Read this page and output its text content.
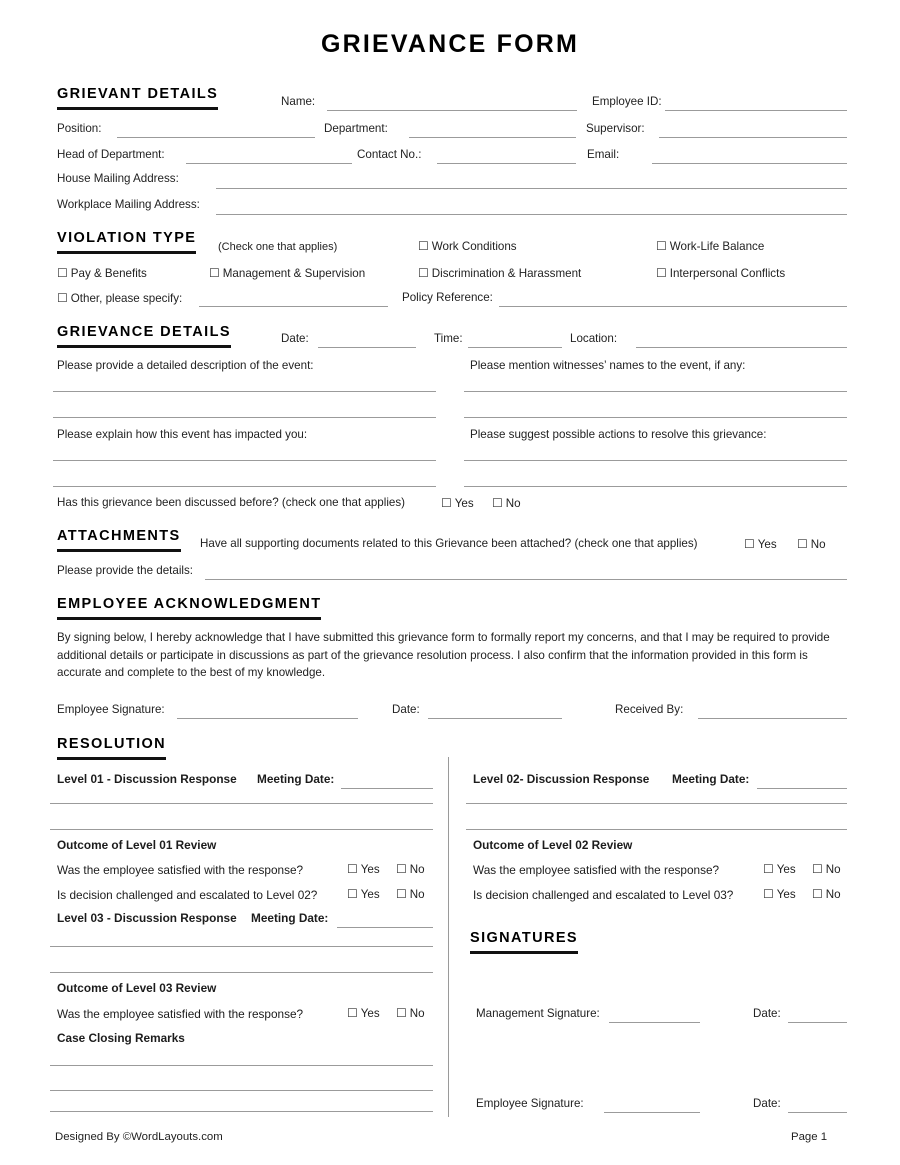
GRIEVANCE FORM
GRIEVANT DETAILS	Name:	Employee ID:
Position:	Department:	Supervisor:
Head of Department:	Contact No.:	Email:
House Mailing Address:
Workplace Mailing Address:
VIOLATION TYPE
(Check one that applies)	☐ Work Conditions	☐ Work-Life Balance
☐ Pay & Benefits	☐ Management & Supervision	☐ Discrimination & Harassment	☐ Interpersonal Conflicts
☐ Other, please specify:	Policy Reference:
GRIEVANCE DETAILS	Date:	Time:	Location:
Please provide a detailed description of the event:	Please mention witnesses’ names to the event, if any:
Please explain how this event has impacted you:	Please suggest possible actions to resolve this grievance:
Has this grievance been discussed before? (check one that applies)	☐ Yes ☐ No
ATTACHMENTS Have all supporting documents related to this Grievance been attached? (check one that applies)	☐ Yes ☐ No
Please provide the details:
EMPLOYEE ACKNOWLEDGMENT
By signing below, I hereby acknowledge that I have submitted this grievance form to formally report my concerns, and that I may be required to provide additional details or participate in discussions as part of the grievance resolution process. I also confirm that the information provided in this form is accurate and complete to the best of my knowledge.
Employee Signature:	Date:	Received By:
RESOLUTION
Level 01 - Discussion Response Meeting Date:
Outcome of Level 01 Review
Was the employee satisfied with the response?	☐ Yes ☐ No
Is decision challenged and escalated to Level 02? ☐ Yes ☐ No
Level 03 - Discussion Response Meeting Date:
Outcome of Level 03 Review
Was the employee satisfied with the response?	☐ Yes ☐ No
Case Closing Remarks
Level 02- Discussion Response Meeting Date:
Outcome of Level 02 Review
Was the employee satisfied with the response?	☐ Yes ☐ No
Is decision challenged and escalated to Level 03? ☐ Yes ☐ No
SIGNATURES
Management Signature:	Date:
Employee Signature:	Date:
Designed By ©WordLayouts.com	Page 1
